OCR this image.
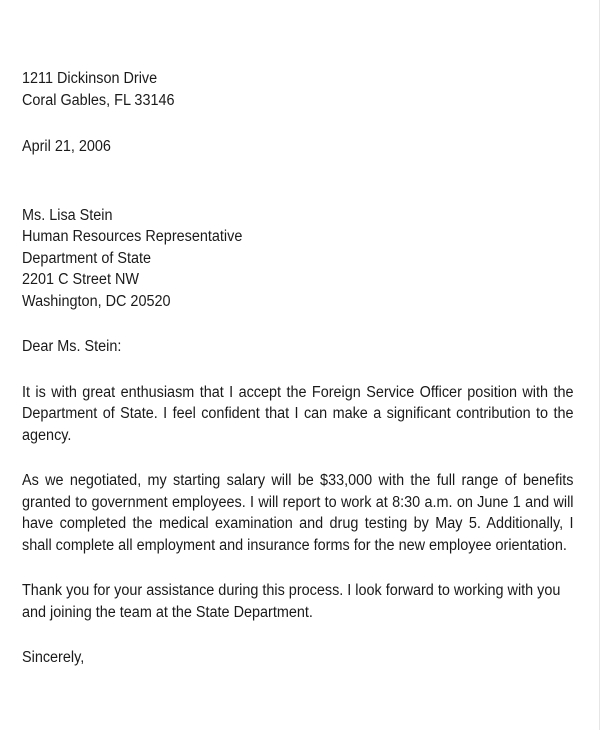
1211 Dickinson Drive
Coral Gables, FL 33146
April 21, 2006
Ms. Lisa Stein
Human Resources Representative
Department of State
2201 C Street NW
Washington, DC 20520
Dear Ms. Stein:

It is with great enthusiasm that I accept the Foreign Service Officer position with the Department of State. I feel confident that I can make a significant contribution to the agency.

As we negotiated, my starting salary will be $33,000 with the full range of benefits granted to government employees. I will report to work at 8:30 a.m. on June 1 and will have completed the medical examination and drug testing by May 5. Additionally, I shall complete all employment and insurance forms for the new employee orientation.

Thank you for your assistance during this process. I look forward to working with you and joining the team at the State Department.

Sincerely,
